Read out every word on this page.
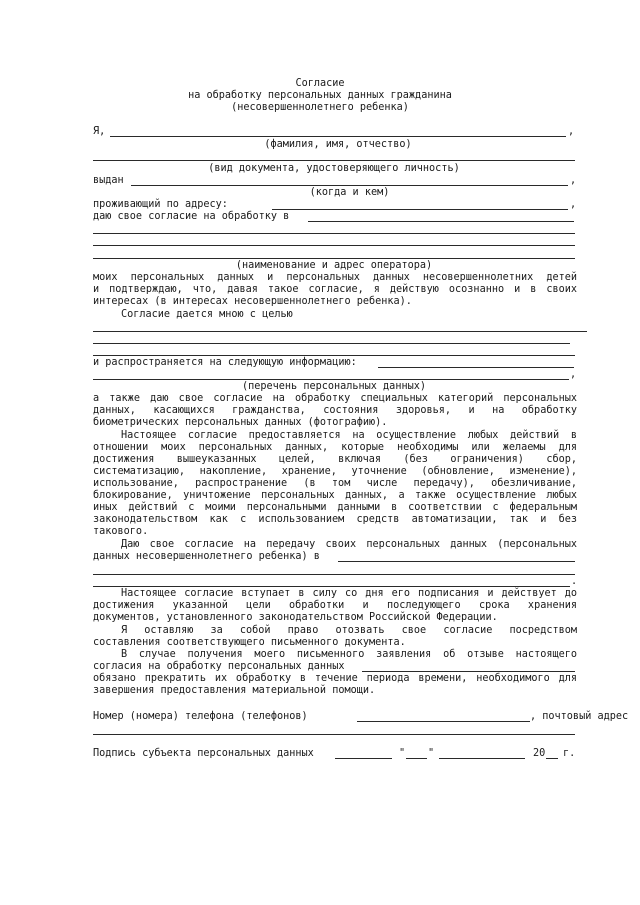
Согласие
на обработку персональных данных гражданина
(несовершеннолетнего ребенка)
Я,	,
(фамилия, имя, отчество)
(вид документа, удостоверяющего личность)
выдан	,
(когда и кем)
проживающий по адресу:	,
даю свое согласие на обработку в
(наименование и адрес оператора)
моих персональных данных и персональных данных несовершеннолетних детей
и подтверждаю, что, давая такое согласие, я действую осознанно и в своих
интересах (в интересах несовершеннолетнего ребенка).
Согласие дается мною с целью
и распространяется на следующую информацию:
,
(перечень персональных данных)
а также даю свое согласие на обработку специальных категорий персональных
данных, касающихся гражданства, состояния здоровья, и на обработку
биометрических персональных данных (фотографию).
Настоящее согласие предоставляется на осуществление любых действий в
отношении моих персональных данных, которые необходимы или желаемы для
достижения вышеуказанных целей, включая (без ограничения) сбор,
систематизацию, накопление, хранение, уточнение (обновление, изменение),
использование, распространение (в том числе передачу), обезличивание,
блокирование, уничтожение персональных данных, а также осуществление любых
иных действий с моими персональными данными в соответствии с федеральным
законодательством как с использованием средств автоматизации, так и без
такового.
Даю свое согласие на передачу своих персональных данных (персональных
данных несовершеннолетнего ребенка) в
.
Настоящее согласие вступает в силу со дня его подписания и действует до
достижения указанной цели обработки и последующего срока хранения
документов, установленного законодательством Российской Федерации.
Я оставляю за собой право отозвать свое согласие посредством
составления соответствующего письменного документа.
В случае получения моего письменного заявления об отзыве настоящего
согласия на обработку персональных данных
обязано прекратить их обработку в течение периода времени, необходимого для
завершения предоставления материальной помощи.
Номер (номера) телефона (телефонов)	, почтовый адрес
Подпись субъекта персональных данных	" "	20 г.
